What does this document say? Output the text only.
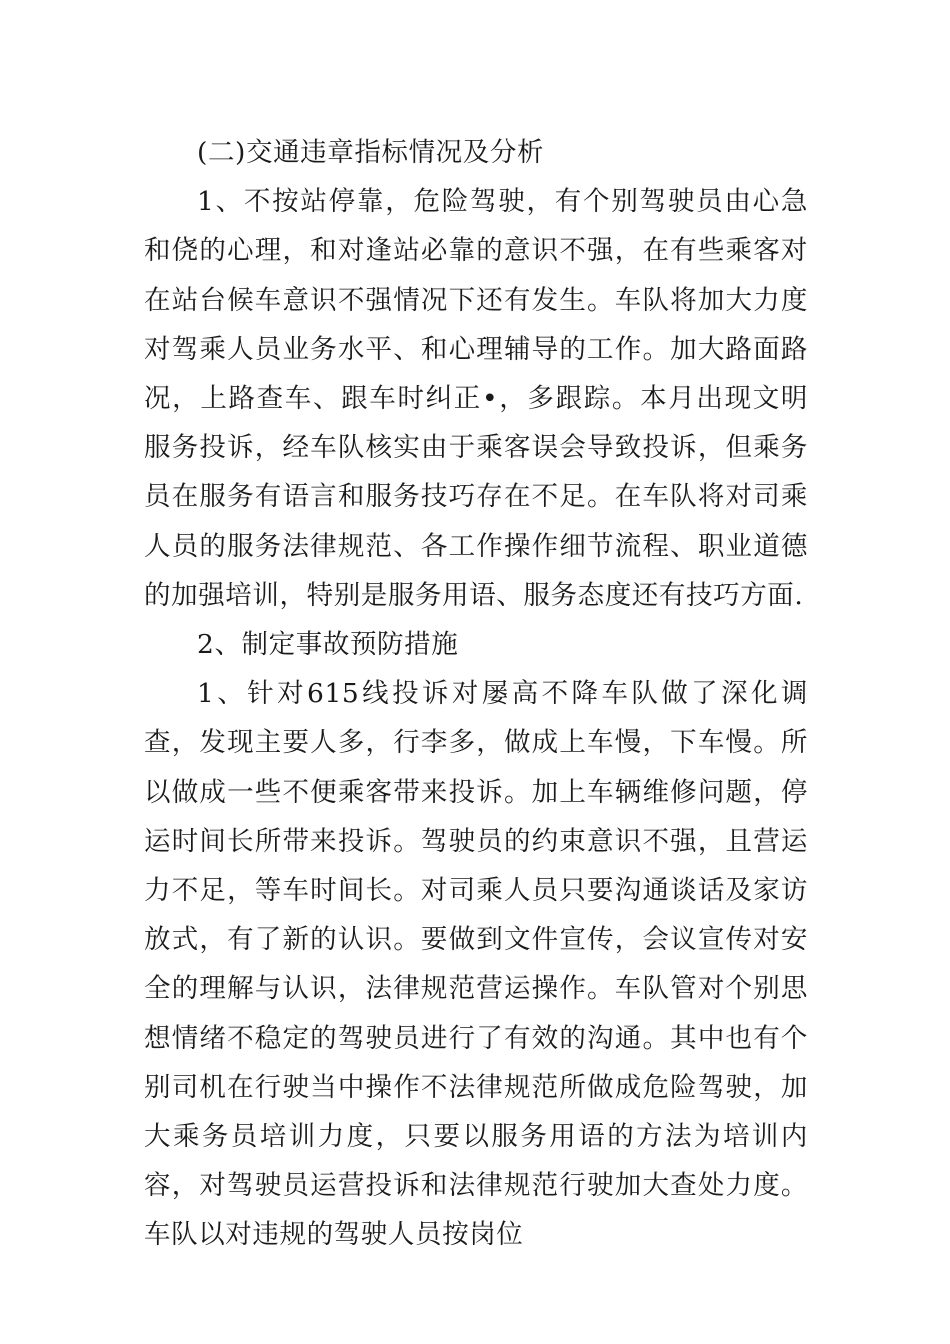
(二)交通违章指标情况及分析

1、不按站停靠，危险驾驶，有个别驾驶员由心急和侥的心理，和对逢站必靠的意识不强，在有些乘客对在站台候车意识不强情况下还有发生。车队将加大力度对驾乘人员业务水平、和心理辅导的工作。加大路面路况，上路查车、跟车时纠正•，多跟踪。本月出现文明服务投诉，经车队核实由于乘客误会导致投诉，但乘务员在服务有语言和服务技巧存在不足。在车队将对司乘人员的服务法律规范、各工作操作细节流程、职业道德的加强培训，特别是服务用语、服务态度还有技巧方面.

2、制定事故预防措施

1、针对615线投诉对屡高不降车队做了深化调查，发现主要人多，行李多，做成上车慢，下车慢。所以做成一些不便乘客带来投诉。加上车辆维修问题，停运时间长所带来投诉。驾驶员的约束意识不强，且营运力不足，等车时间长。对司乘人员只要沟通谈话及家访放式，有了新的认识。要做到文件宣传，会议宣传对安全的理解与认识，法律规范营运操作。车队管对个别思想情绪不稳定的驾驶员进行了有效的沟通。其中也有个别司机在行驶当中操作不法律规范所做成危险驾驶，加大乘务员培训力度，只要以服务用语的方法为培训内容，对驾驶员运营投诉和法律规范行驶加大查处力度。车队以对违规的驾驶人员按岗位
